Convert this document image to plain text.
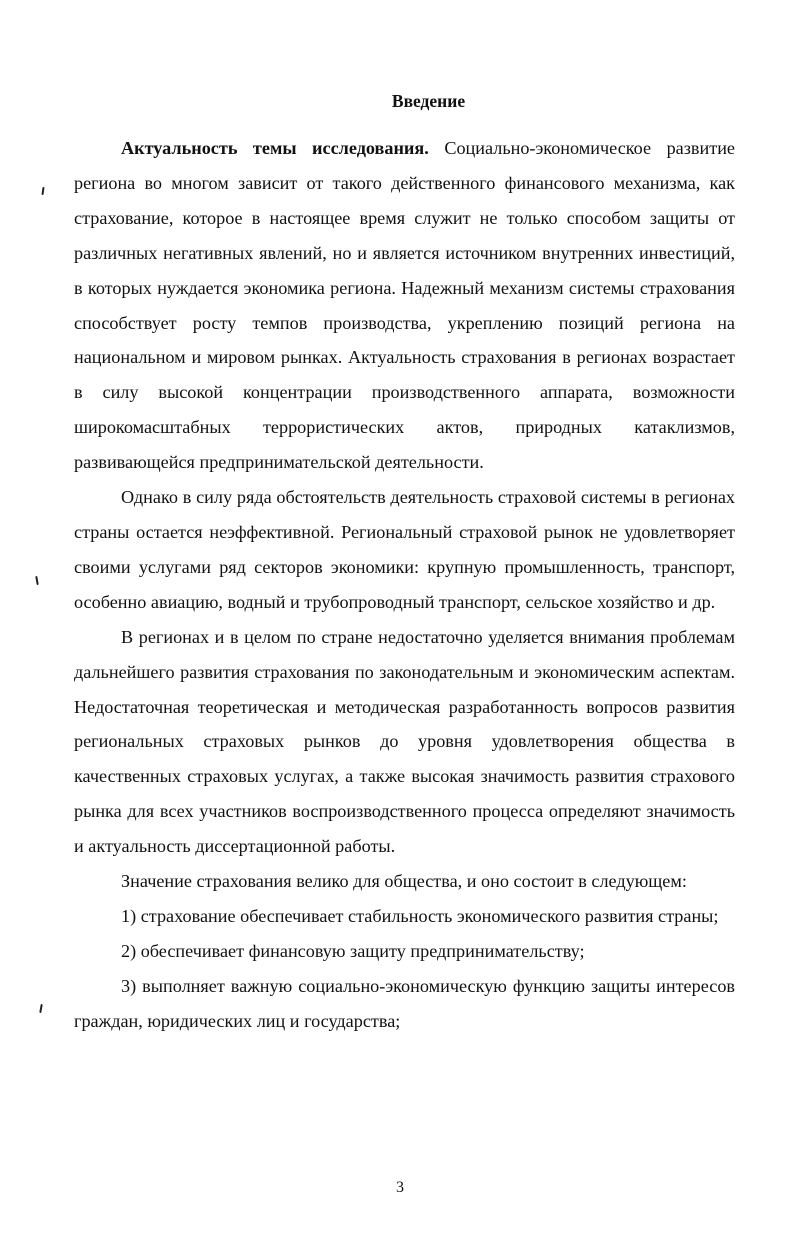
Введение

Актуальность темы исследования. Социально-экономическое развитие региона во многом зависит от такого действенного финансового механизма, как страхование, которое в настоящее время служит не только способом защиты от различных негативных явлений, но и является источником внутренних инвестиций, в которых нуждается экономика региона. Надежный механизм системы страхования способствует росту темпов производства, укреплению позиций региона на национальном и мировом рынках. Актуальность страхования в регионах возрастает в силу высокой концентрации производственного аппарата, возможности широкомасштабных террористических актов, природных катаклизмов, развивающейся предпринимательской деятельности.

Однако в силу ряда обстоятельств деятельность страховой системы в регионах страны остается неэффективной. Региональный страховой рынок не удовлетворяет своими услугами ряд секторов экономики: крупную промышленность, транспорт, особенно авиацию, водный и трубопроводный транспорт, сельское хозяйство и др.

В регионах и в целом по стране недостаточно уделяется внимания проблемам дальнейшего развития страхования по законодательным и экономическим аспектам. Недостаточная теоретическая и методическая разработанность вопросов развития региональных страховых рынков до уровня удовлетворения общества в качественных страховых услугах, а также высокая значимость развития страхового рынка для всех участников воспроизводственного процесса определяют значимость и актуальность диссертационной работы.

Значение страхования велико для общества, и оно состоит в следующем:

1) страхование обеспечивает стабильность экономического развития страны;

2) обеспечивает финансовую защиту предпринимательству;

3) выполняет важную социально-экономическую функцию защиты интересов граждан, юридических лиц и государства;

3
